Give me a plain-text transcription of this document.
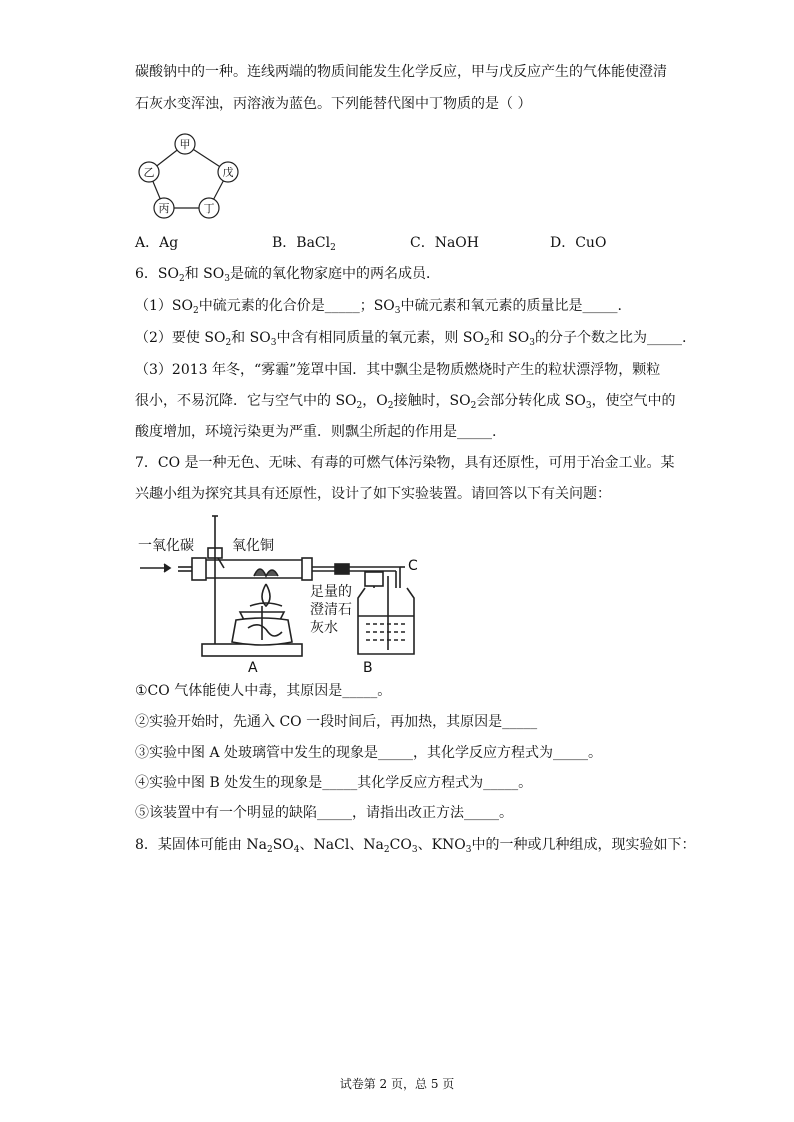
碳酸钠中的一种。连线两端的物质间能发生化学反应，甲与戊反应产生的气体能使澄清
石灰水变浑浊，丙溶液为蓝色。下列能替代图中丁物质的是（ ）
甲
乙	戊
丙	丁
A．Ag	B．BaCl$_2$	C．NaOH	D．CuO
6．$SO_2$和 $SO_3$是硫的氧化物家庭中的两名成员．
$(1)SO_2$中硫元素的化合价是_____；$SO_3$中硫元素和氧元素的质量比是_____.
（2）要使 $SO_2$和 $SO_3$中含有相同质量的氧元素，则 $SO_2$和 $SO_3$的分子个数之比为_____.
（3）2013 年冬，“雾霾”笼罩中国．其中飘尘是物质燃烧时产生的粒状漂浮物，颗粒
很小，不易沉降．它与空气中的 $SO_2$，$O_2$接触时，$SO_2$会部分转化成 $SO_3$，使空气中的
酸度增加，环境污染更为严重．则飘尘所起的作用是_____.
7．CO 是一种无色、无味、有毒的可燃气体污染物，具有还原性，可用于冶金工业。某
兴趣小组为探究其具有还原性，设计了如下实验装置。请回答以下有关问题：
一氧化碳	氧化铜
C
足量的
澄清石
灰水
A	B
①CO 气体能使人中毒，其原因是_____。
②实验开始时，先通入 CO 一段时间后，再加热，其原因是_____
③实验中图 A 处玻璃管中发生的现象是_____，其化学反应方程式为_____。
④实验中图 B 处发生的现象是_____其化学反应方程式为_____。
⑤该装置中有一个明显的缺陷_____，请指出改正方法_____。
8．某固体可能由 $Na_2SO_4$、NaCl、$Na_2CO_3$、$KNO_3$中的一种或几种组成，现实验如下：
试卷第 2 页，总 5 页
